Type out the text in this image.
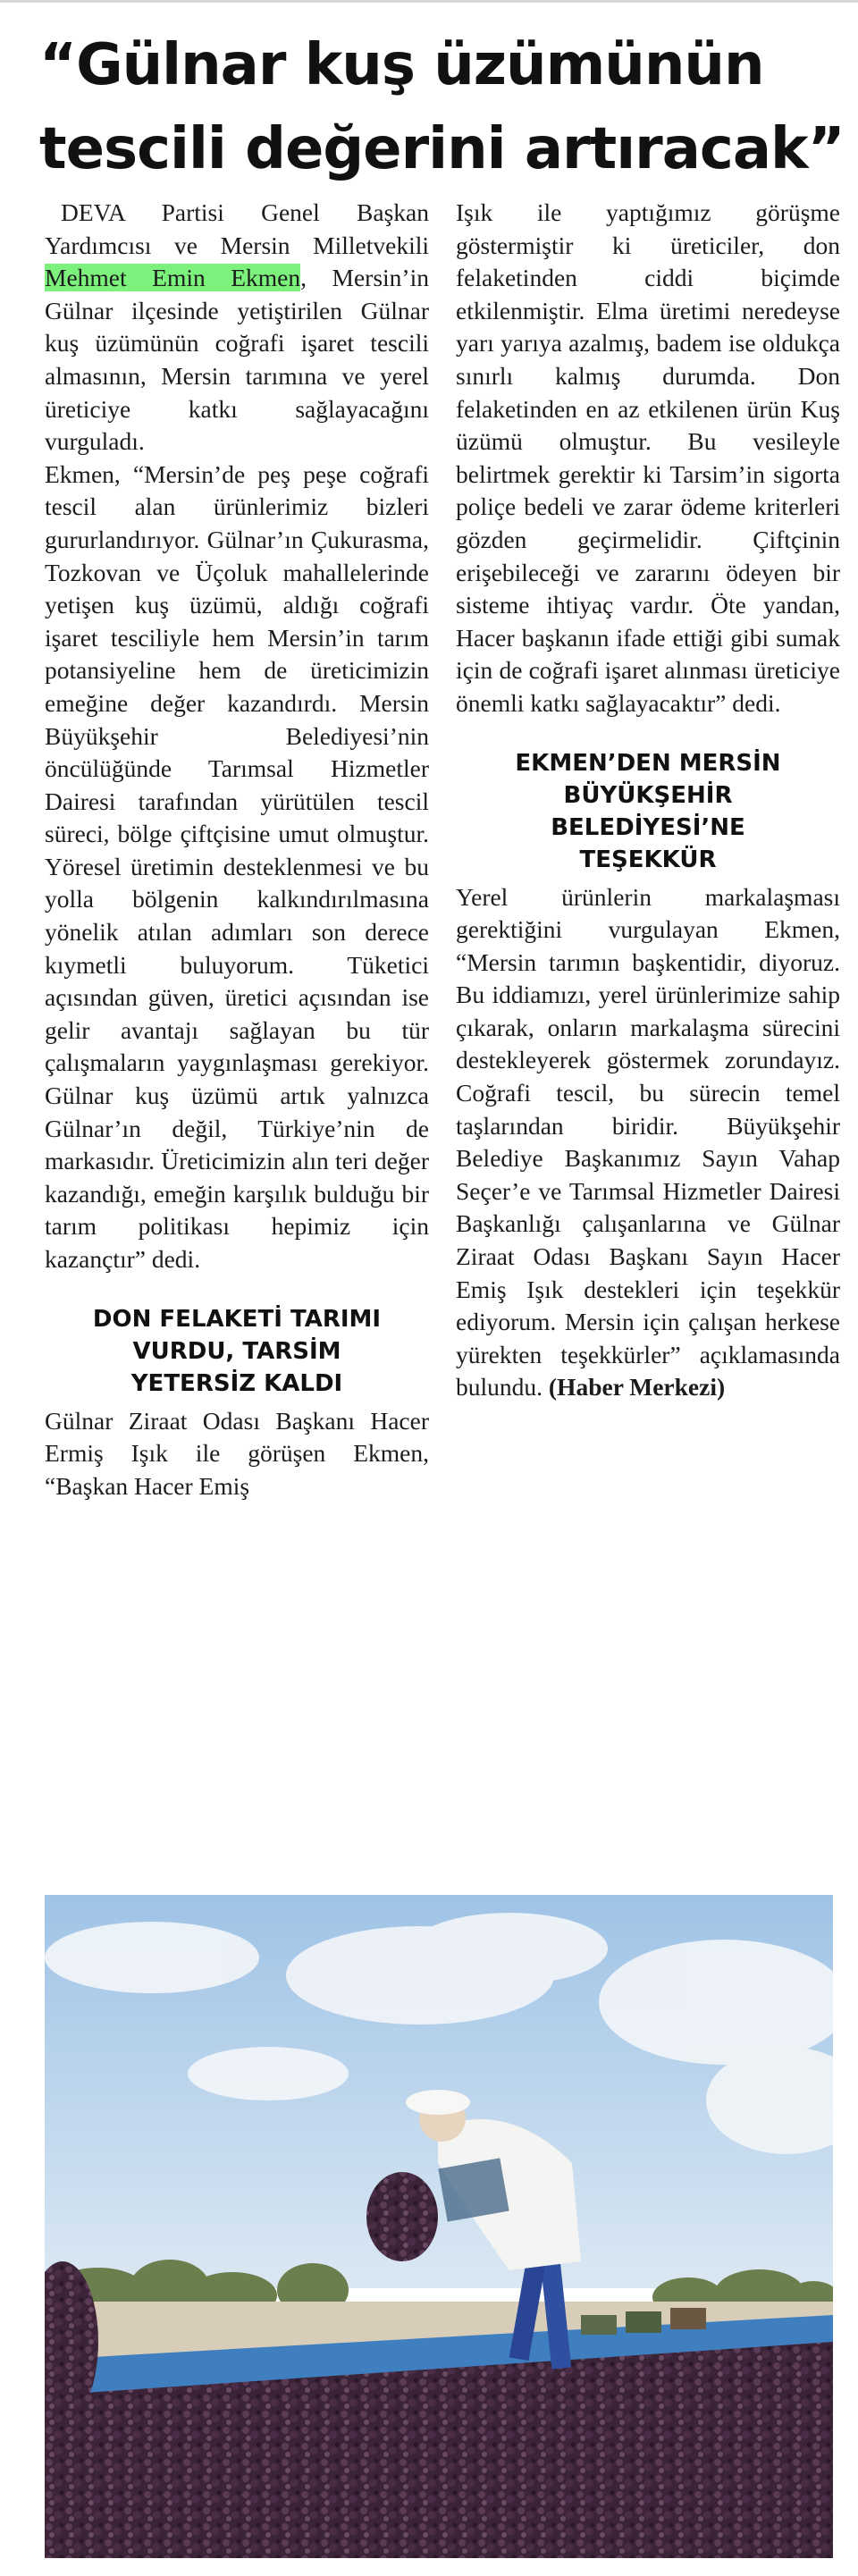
“Gülnar kuş üzümünün
tescili değerini artıracak”

DEVA Partisi Genel Başkan Yardımcısı ve Mersin Milletvekili Mehmet Emin Ekmen, Mersin’in Gülnar ilçesinde yetiştirilen Gülnar kuş üzümünün coğrafi işaret tescili almasının, Mersin tarımına ve yerel üreticiye katkı sağlayacağını vurguladı.

Ekmen, “Mersin’de peş peşe coğrafi tescil alan ürünlerimiz bizleri gururlandırıyor. Gülnar’ın Çukurasma, Tozkovan ve Üçoluk mahallelerinde yetişen kuş üzümü, aldığı coğrafi işaret tesciliyle hem Mersin’in tarım potansiyeline hem de üreticimizin emeğine değer kazandırdı. Mersin Büyükşehir Belediyesi’nin öncülüğünde Tarımsal Hizmetler Dairesi tarafından yürütülen tescil süreci, bölge çiftçisine umut olmuştur. Yöresel üretimin desteklenmesi ve bu yolla bölgenin kalkındırılmasına yönelik atılan adımları son derece kıymetli buluyorum. Tüketici açısından güven, üretici açısından ise gelir avantajı sağlayan bu tür çalışmaların yaygınlaşması gerekiyor. Gülnar kuş üzümü artık yalnızca Gülnar’ın değil, Türkiye’nin de markasıdır. Üreticimizin alın teri değer kazandığı, emeğin karşılık bulduğu bir tarım politikası hepimiz için kazançtır” dedi.

DON FELAKETİ TARIMI
VURDU, TARSİM
YETERSİZ KALDI

Gülnar Ziraat Odası Başkanı Hacer Ermiş Işık ile görüşen Ekmen, “Başkan Hacer Emiş

Işık ile yaptığımız görüşme göstermiştir ki üreticiler, don felaketinden ciddi biçimde etkilenmiştir. Elma üretimi neredeyse yarı yarıya azalmış, badem ise oldukça sınırlı kalmış durumda. Don felaketinden en az etkilenen ürün Kuş üzümü olmuştur. Bu vesileyle belirtmek gerektir ki Tarsim’in sigorta poliçe bedeli ve zarar ödeme kriterleri gözden geçirmelidir. Çiftçinin erişebileceği ve zararını ödeyen bir sisteme ihtiyaç vardır. Öte yandan, Hacer başkanın ifade ettiği gibi sumak için de coğrafi işaret alınması üreticiye önemli katkı sağlayacaktır” dedi.

EKMEN’DEN MERSİN
BÜYÜKŞEHİR
BELEDİYESİ’NE
TEŞEKKÜR

Yerel ürünlerin markalaşması gerektiğini vurgulayan Ekmen, “Mersin tarımın başkentidir, diyoruz. Bu iddiamızı, yerel ürünlerimize sahip çıkarak, onların markalaşma sürecini destekleyerek göstermek zorundayız. Coğrafi tescil, bu sürecin temel taşlarından biridir. Büyükşehir Belediye Başkanımız Sayın Vahap Seçer’e ve Tarımsal Hizmetler Dairesi Başkanlığı çalışanlarına ve Gülnar Ziraat Odası Başkanı Sayın Hacer Emiş Işık destekleri için teşekkür ediyorum. Mersin için çalışan herkese yürekten teşekkürler” açıklamasında bulundu. (Haber Merkezi)
